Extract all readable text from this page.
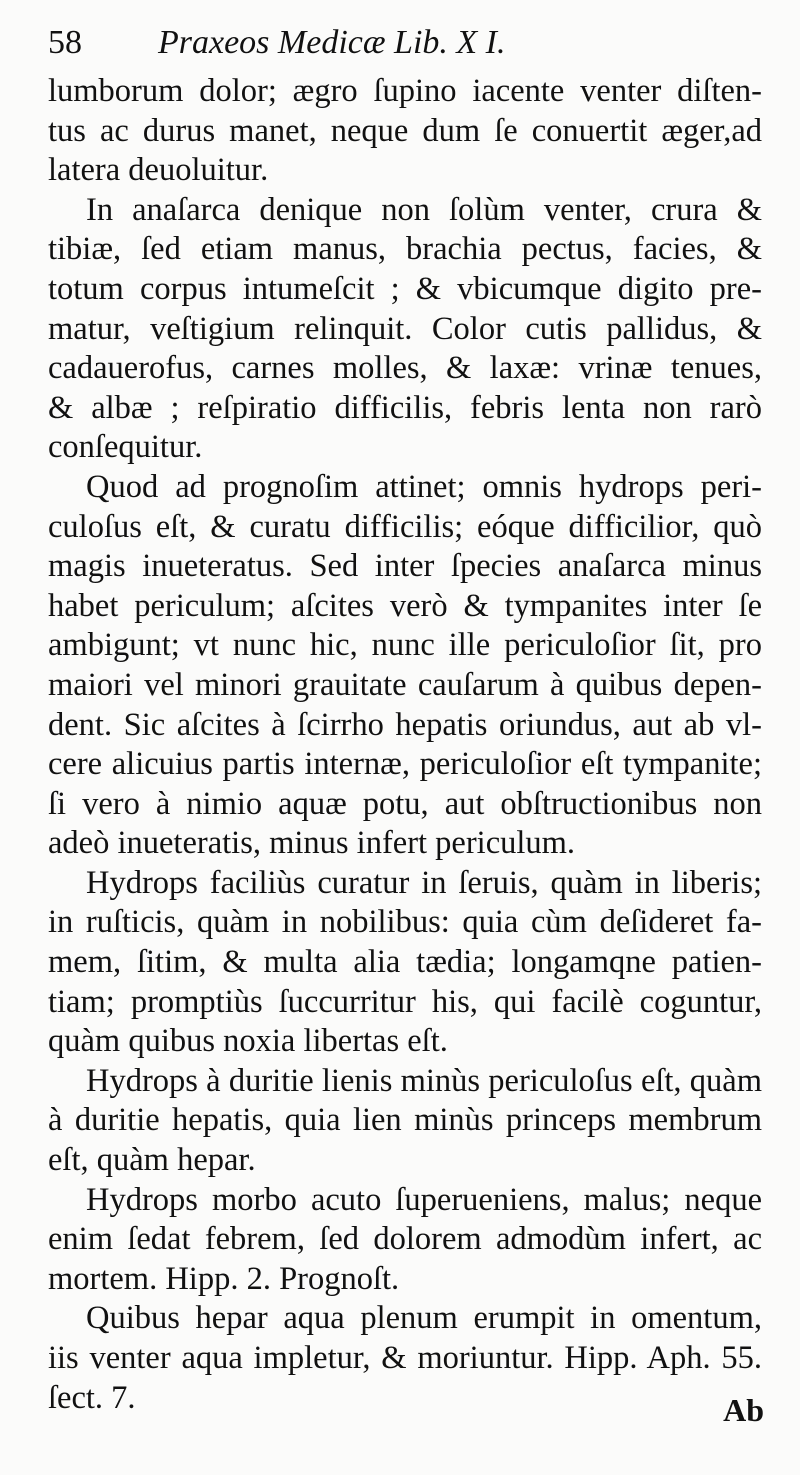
58	Praxeos Medicæ Lib. X I.
lumborum dolor; ægro ſupino iacente venter diſten-
tus ac durus manet, neque dum ſe conuertit æger,ad
latera deuoluitur.
In anaſarca denique non ſolùm venter, crura &
tibiæ, ſed etiam manus, brachia pectus, facies, &
totum corpus intumeſcit ; & vbicumque digito pre-
matur, veſtigium relinquit. Color cutis pallidus, &
cadauerofus, carnes molles, & laxæ: vrinæ tenues,
& albæ ; reſpiratio difficilis, febris lenta non rarò
conſequitur.
Quod ad prognoſim attinet; omnis hydrops peri-
culoſus eſt, & curatu difficilis; eóque difficilior, quò
magis inueteratus. Sed inter ſpecies anaſarca minus
habet periculum; aſcites verò & tympanites inter ſe
ambigunt; vt nunc hic, nunc ille periculoſior ſit, pro
maiori vel minori grauitate cauſarum à quibus depen-
dent. Sic aſcites à ſcirrho hepatis oriundus, aut ab vl-
cere alicuius partis internæ, periculoſior eſt tympanite;
ſi vero à nimio aquæ potu, aut obſtructionibus non
adeò inueteratis, minus infert periculum.
Hydrops faciliùs curatur in ſeruis, quàm in liberis;
in ruſticis, quàm in nobilibus: quia cùm deſideret fa-
mem, ſitim, & multa alia tædia; longamqne patien-
tiam; promptiùs ſuccurritur his, qui facilè coguntur,
quàm quibus noxia libertas eſt.
Hydrops à duritie lienis minùs periculoſus eſt, quàm
à duritie hepatis, quia lien minùs princeps membrum
eſt, quàm hepar.
Hydrops morbo acuto ſuperueniens, malus; neque
enim ſedat febrem, ſed dolorem admodùm infert, ac
mortem. Hipp. 2. Prognoſt.
Quibus hepar aqua plenum erumpit in omentum,
iis venter aqua impletur, & moriuntur. Hipp. Aph. 55.
ſect. 7.	Ab
